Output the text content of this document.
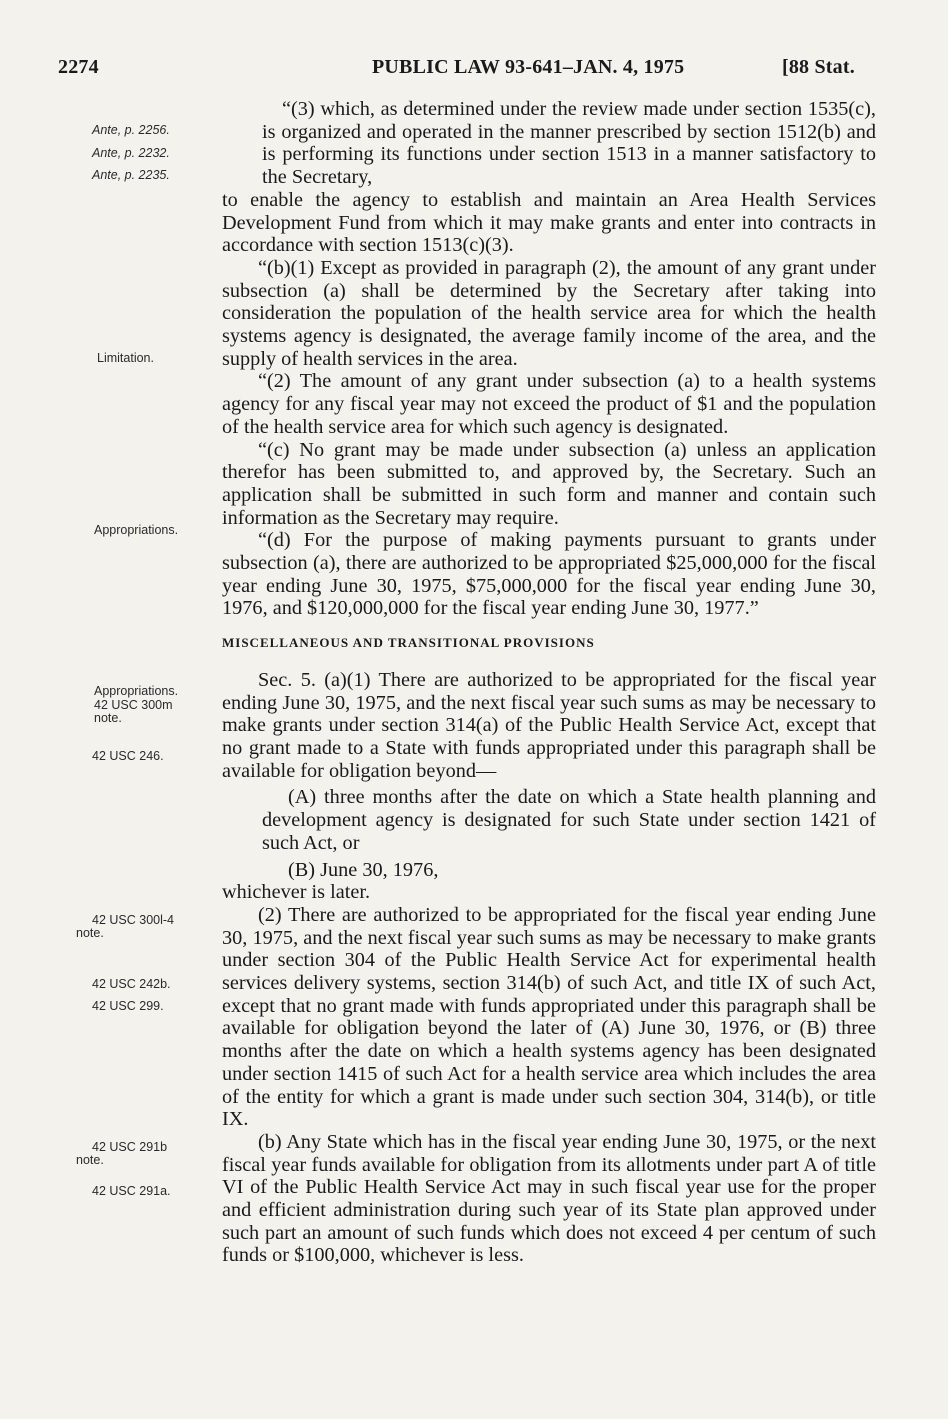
2274	PUBLIC LAW 93-641–JAN. 4, 1975	[88 Stat.
Ante, p. 2256.
Ante, p. 2232.
Ante, p. 2235.
Limitation.
Appropriations.
Appropriations.
42 USC 300m
note.
42 USC 246.
42 USC 300l-4
note.
42 USC 242b.
42 USC 299.
42 USC 291b
note.
42 USC 291a.

“(3) which, as determined under the review made under section 1535(c), is organized and operated in the manner prescribed by section 1512(b) and is performing its functions under section 1513 in a manner satisfactory to the Secretary,

to enable the agency to establish and maintain an Area Health Services Development Fund from which it may make grants and enter into contracts in accordance with section 1513(c)(3).

“(b)(1) Except as provided in paragraph (2), the amount of any grant under subsection (a) shall be determined by the Secretary after taking into consideration the population of the health service area for which the health systems agency is designated, the average family income of the area, and the supply of health services in the area.

“(2) The amount of any grant under subsection (a) to a health systems agency for any fiscal year may not exceed the product of $1 and the population of the health service area for which such agency is designated.

“(c) No grant may be made under subsection (a) unless an application therefor has been submitted to, and approved by, the Secretary. Such an application shall be submitted in such form and manner and contain such information as the Secretary may require.

“(d) For the purpose of making payments pursuant to grants under subsection (a), there are authorized to be appropriated $25,000,000 for the fiscal year ending June 30, 1975, $75,000,000 for the fiscal year ending June 30, 1976, and $120,000,000 for the fiscal year ending June 30, 1977.”

MISCELLANEOUS AND TRANSITIONAL PROVISIONS

Sec. 5. (a)(1) There are authorized to be appropriated for the fiscal year ending June 30, 1975, and the next fiscal year such sums as may be necessary to make grants under section 314(a) of the Public Health Service Act, except that no grant made to a State with funds appropriated under this paragraph shall be available for obligation beyond—

(A) three months after the date on which a State health planning and development agency is designated for such State under section 1421 of such Act, or

(B) June 30, 1976,

whichever is later.

(2) There are authorized to be appropriated for the fiscal year ending June 30, 1975, and the next fiscal year such sums as may be necessary to make grants under section 304 of the Public Health Service Act for experimental health services delivery systems, section 314(b) of such Act, and title IX of such Act, except that no grant made with funds appropriated under this paragraph shall be available for obligation beyond the later of (A) June 30, 1976, or (B) three months after the date on which a health systems agency has been designated under section 1415 of such Act for a health service area which includes the area of the entity for which a grant is made under such section 304, 314(b), or title IX.

(b) Any State which has in the fiscal year ending June 30, 1975, or the next fiscal year funds available for obligation from its allotments under part A of title VI of the Public Health Service Act may in such fiscal year use for the proper and efficient administration during such year of its State plan approved under such part an amount of such funds which does not exceed 4 per centum of such funds or $100,000, whichever is less.
